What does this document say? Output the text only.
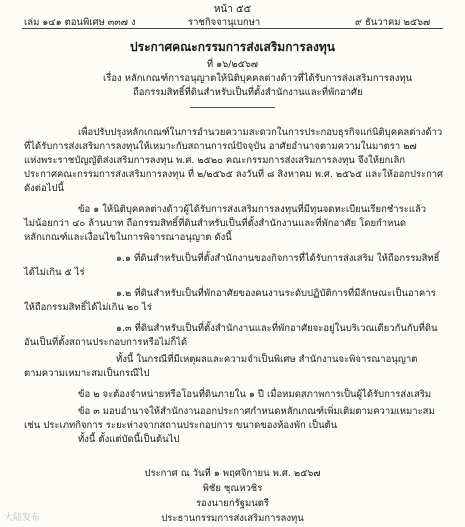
หน้า ๕๕
เล่ม ๑๔๑ ตอนพิเศษ ๓๓๗ ง	ราชกิจจานุเบกษา	๙ ธันวาคม ๒๕๖๗
ประกาศคณะกรรมการส่งเสริมการลงทุน
ที่ ๑๖/๒๕๖๗
เรื่อง หลักเกณฑ์การอนุญาตให้นิติบุคคลต่างด้าวที่ได้รับการส่งเสริมการลงทุน
ถือกรรมสิทธิ์ที่ดินสำหรับเป็นที่ตั้งสำนักงานและที่พักอาศัย
เพื่อปรับปรุงหลักเกณฑ์ในการอำนวยความสะดวกในการประกอบธุรกิจแก่นิติบุคคลต่างด้าว
ที่ได้รับการส่งเสริมการลงทุนให้เหมาะกับสถานการณ์ปัจจุบัน อาศัยอำนาจตามความในมาตรา ๒๗
แห่งพระราชบัญญัติส่งเสริมการลงทุน พ.ศ. ๒๕๒๐ คณะกรรมการส่งเสริมการลงทุน จึงให้ยกเลิก
ประกาศคณะกรรมการส่งเสริมการลงทุน ที่ ๒/๒๕๖๕ ลงวันที่ ๘ สิงหาคม พ.ศ. ๒๕๖๕ และให้ออกประกาศ
ดังต่อไปนี้
ข้อ ๑ ให้นิติบุคคลต่างด้าวผู้ได้รับการส่งเสริมการลงทุนที่มีทุนจดทะเบียนเรียกชำระแล้ว
ไม่น้อยกว่า ๔๐ ล้านบาท ถือกรรมสิทธิ์ที่ดินสำหรับเป็นที่ตั้งสำนักงานและที่พักอาศัย โดยกำหนด
หลักเกณฑ์และเงื่อนไขในการพิจารณาอนุญาต ดังนี้
๑.๑ ที่ดินสำหรับเป็นที่ตั้งสำนักงานของกิจการที่ได้รับการส่งเสริม ให้ถือกรรมสิทธิ์
ได้ไม่เกิน ๕ ไร่
๑.๒ ที่ดินสำหรับเป็นที่พักอาศัยของคนงานระดับปฏิบัติการที่มีลักษณะเป็นอาคาร
ให้ถือกรรมสิทธิ์ได้ไม่เกิน ๒๐ ไร่
๑.๓ ที่ดินสำหรับเป็นที่ตั้งสำนักงานและที่พักอาศัยจะอยู่ในบริเวณเดียวกันกับที่ดิน
อันเป็นที่ตั้งสถานประกอบการหรือไม่ก็ได้
ทั้งนี้ ในกรณีที่มีเหตุผลและความจำเป็นพิเศษ สำนักงานจะพิจารณาอนุญาต
ตามความเหมาะสมเป็นกรณีไป
ข้อ ๒ จะต้องจำหน่ายหรือโอนที่ดินภายใน ๑ ปี เมื่อหมดสภาพการเป็นผู้ได้รับการส่งเสริม
ข้อ ๓ มอบอำนาจให้สำนักงานออกประกาศกำหนดหลักเกณฑ์เพิ่มเติมตามความเหมาะสม
เช่น ประเภทกิจการ ระยะห่างจากสถานประกอบการ ขนาดของห้องพัก เป็นต้น
ทั้งนี้ ตั้งแต่บัดนี้เป็นต้นไป
ประกาศ ณ วันที่ ๑ พฤศจิกายน พ.ศ. ๒๕๖๗
พิชัย ชุณหวชิร
รองนายกรัฐมนตรี
ประธานกรรมการส่งเสริมการลงทุน
大陆发布
